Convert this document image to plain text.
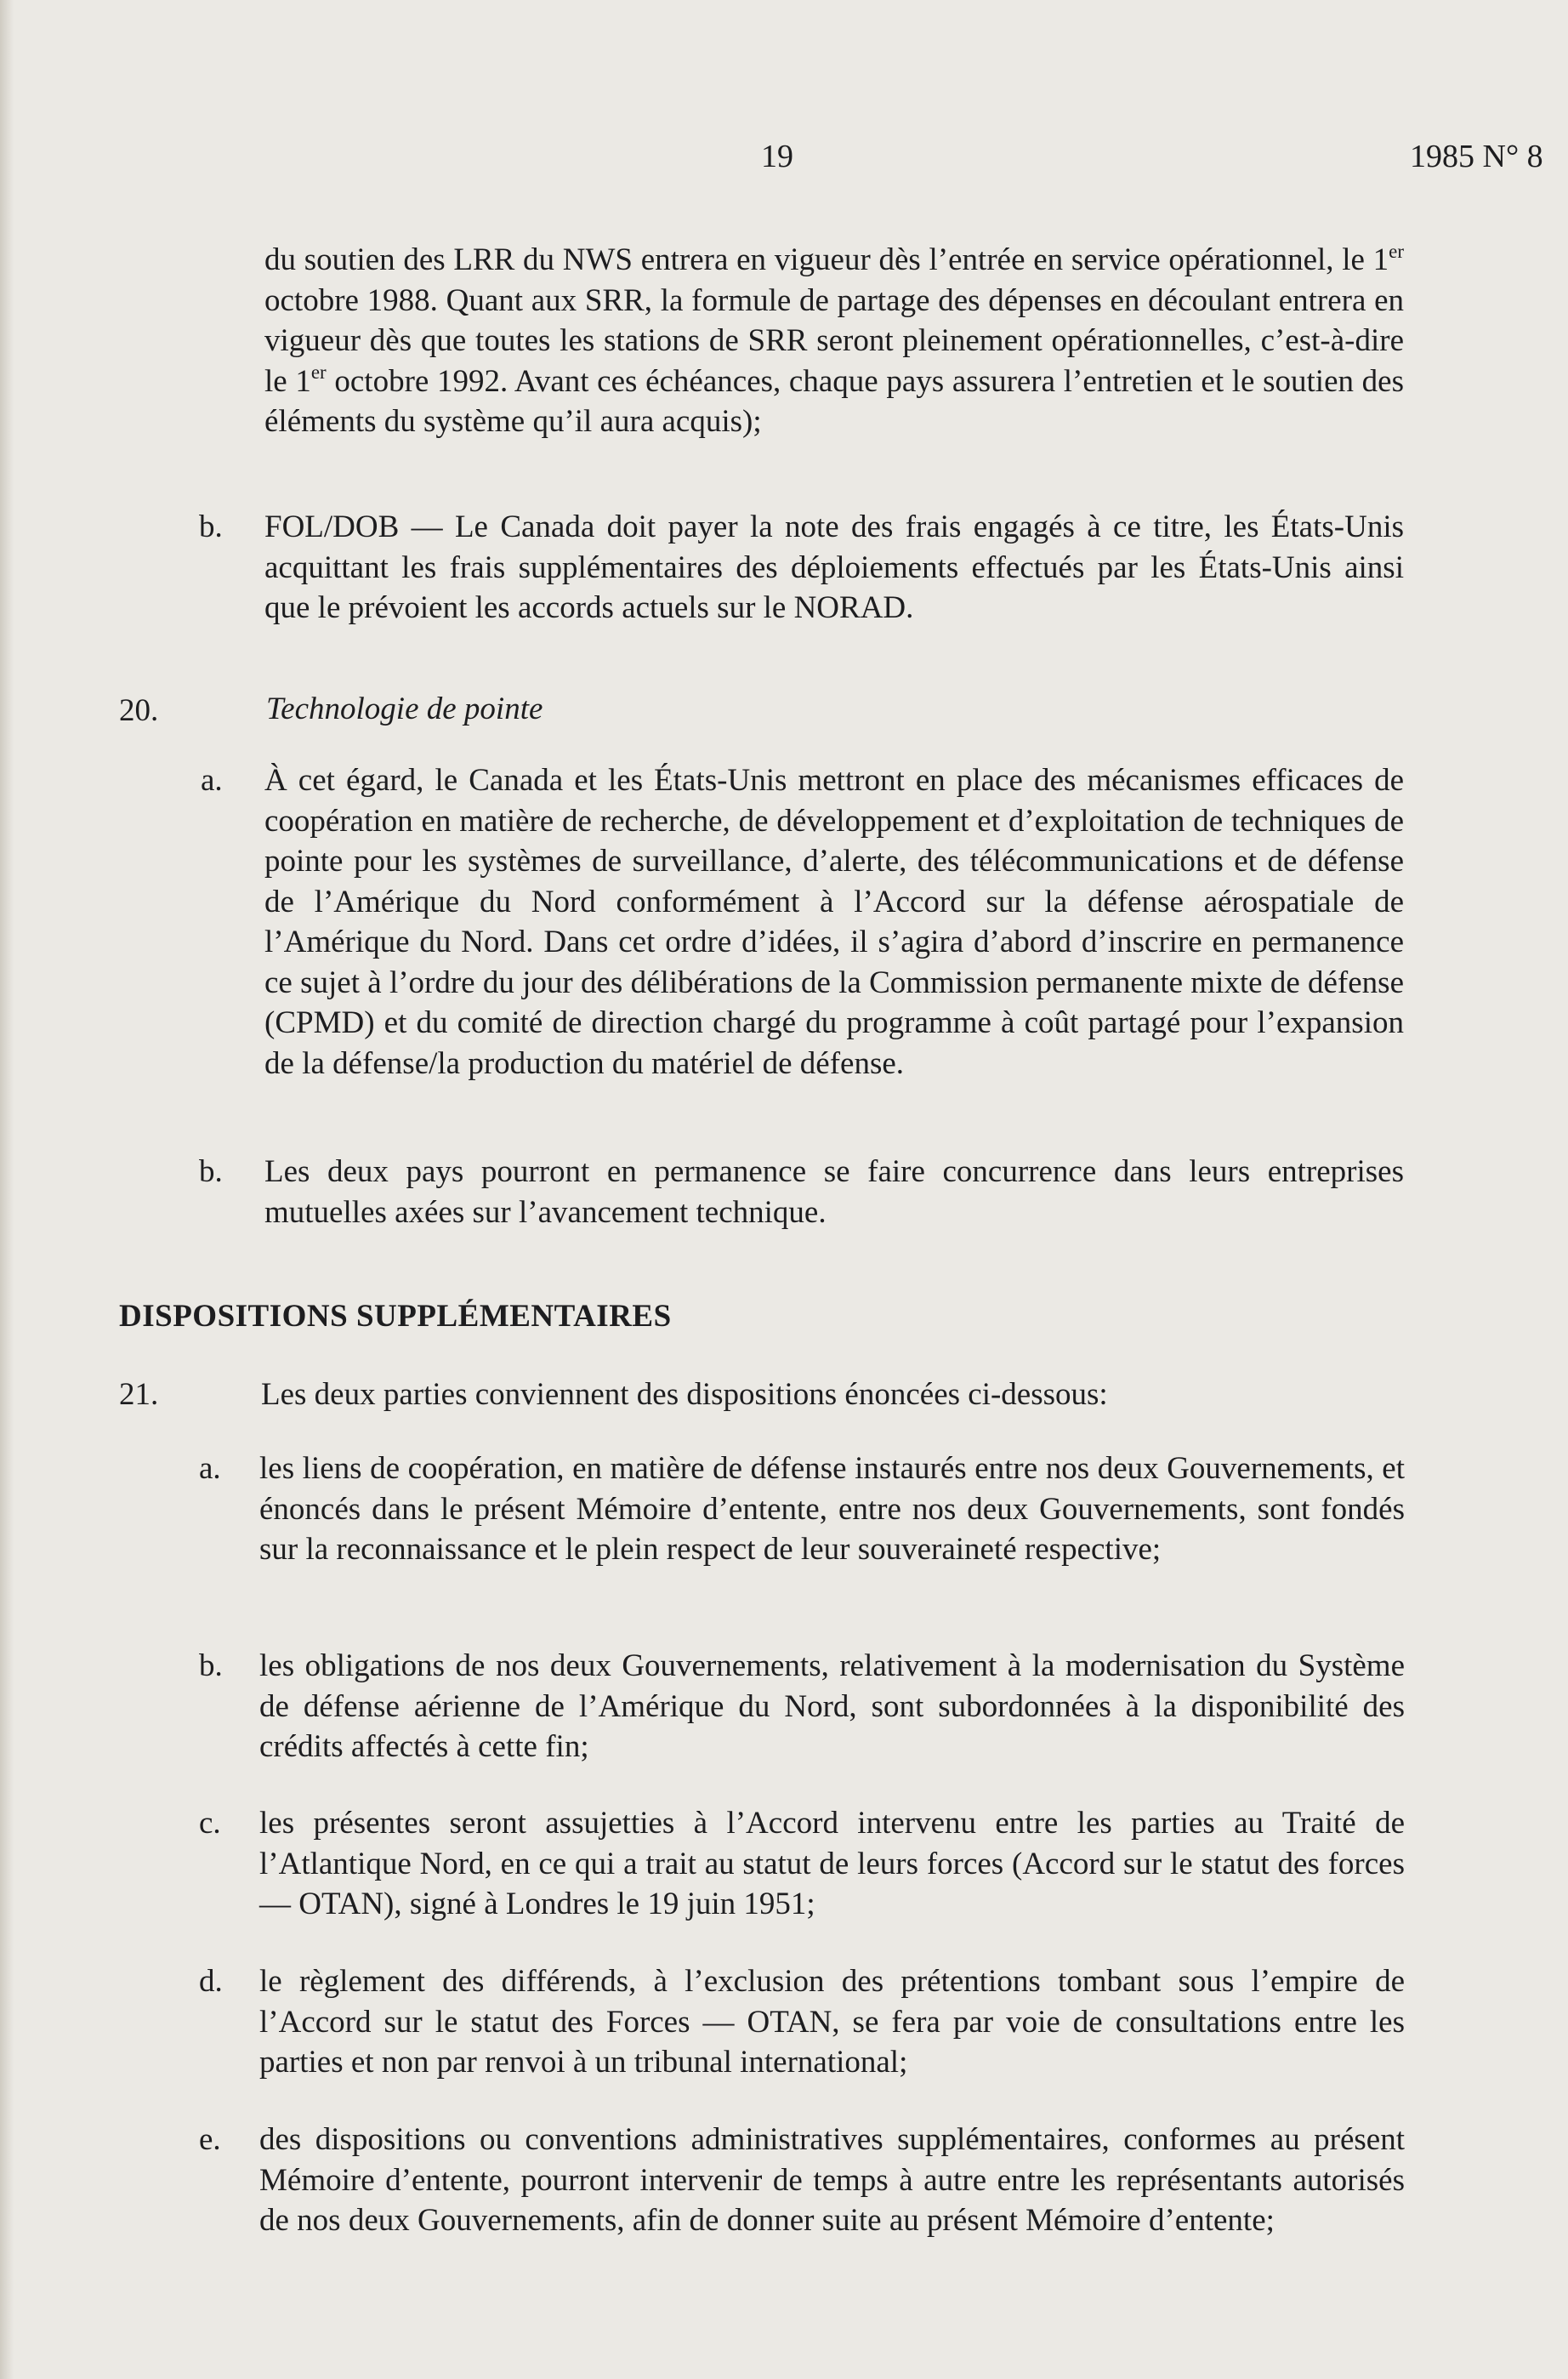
19	1985 N° 8
du soutien des LRR du NWS entrera en vigueur dès l’entrée en service opérationnel, le 1er octobre 1988. Quant aux SRR, la formule de partage des dépenses en découlant entrera en vigueur dès que toutes les stations de SRR seront pleinement opérationnelles, c’est-à-dire le 1er octobre 1992. Avant ces échéances, chaque pays assurera l’entretien et le soutien des éléments du système qu’il aura acquis);
b. FOL/DOB — Le Canada doit payer la note des frais engagés à ce titre, les États-Unis acquittant les frais supplémentaires des déploiements effectués par les États-Unis ainsi que le prévoient les accords actuels sur le NORAD.
20.	Technologie de pointe
a. À cet égard, le Canada et les États-Unis mettront en place des mécanismes efficaces de coopération en matière de recherche, de développement et d’exploitation de techniques de pointe pour les systèmes de surveillance, d’alerte, des télécommunications et de défense de l’Amérique du Nord conformément à l’Accord sur la défense aérospatiale de l’Amérique du Nord. Dans cet ordre d’idées, il s’agira d’abord d’inscrire en permanence ce sujet à l’ordre du jour des délibérations de la Commission permanente mixte de défense (CPMD) et du comité de direction chargé du programme à coût partagé pour l’expansion de la défense/la production du matériel de défense.
b. Les deux pays pourront en permanence se faire concurrence dans leurs entreprises mutuelles axées sur l’avancement technique.
DISPOSITIONS SUPPLÉMENTAIRES
21.	Les deux parties conviennent des dispositions énoncées ci-dessous:
a. les liens de coopération, en matière de défense instaurés entre nos deux Gouvernements, et énoncés dans le présent Mémoire d’entente, entre nos deux Gouvernements, sont fondés sur la reconnaissance et le plein respect de leur souveraineté respective;
b. les obligations de nos deux Gouvernements, relativement à la modernisation du Système de défense aérienne de l’Amérique du Nord, sont subordonnées à la disponibilité des crédits affectés à cette fin;
c. les présentes seront assujetties à l’Accord intervenu entre les parties au Traité de l’Atlantique Nord, en ce qui a trait au statut de leurs forces (Accord sur le statut des forces — OTAN), signé à Londres le 19 juin 1951;
d. le règlement des différends, à l’exclusion des prétentions tombant sous l’empire de l’Accord sur le statut des Forces — OTAN, se fera par voie de consultations entre les parties et non par renvoi à un tribunal international;
e. des dispositions ou conventions administratives supplémentaires, conformes au présent Mémoire d’entente, pourront intervenir de temps à autre entre les représentants autorisés de nos deux Gouvernements, afin de donner suite au présent Mémoire d’entente;
